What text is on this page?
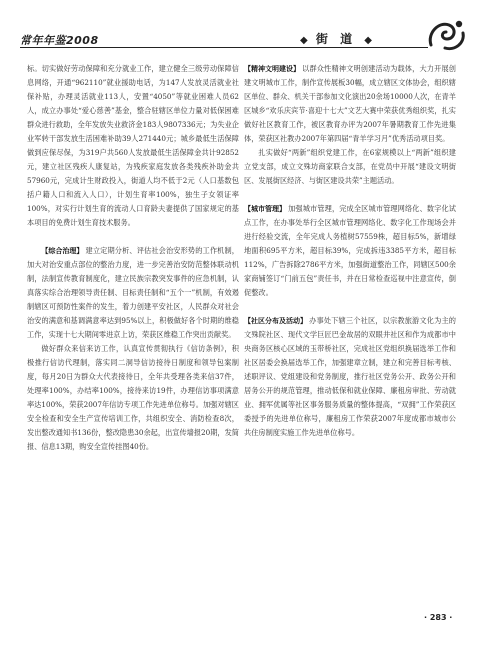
常年年鉴2008	◆ 街 道 ◆

标。切实做好劳动保障和充分就业工作，建立健全三级劳动保障信息网络，开通“962110”就业援助电话，为147人发放灵活就业社保补贴，办理灵活就业113人，安置“4050”等就业困难人员62人，成立办事处“爱心慈善”基金，整合驻辖区单位力量对低保困难群众进行救助，全年发放失业救济金183人9807336元；为失业企业军转干部发放生活困难补助39人271440元；城乡最低生活保障做到应保尽保，为319户共560人发放最低生活保障金共计92852元，建立社区残疾人康复站，为残疾家庭发放各类残疾补助金共57960元，完成计生财政投入，街道人均不低于2元（人口基数包括户籍人口和流入人口），计划生育率100%，独生子女领证率100%，对实行计划生育的流动人口育龄夫妻提供了国家规定的基本项目的免费计划生育技术服务。

【综合治理】 建立定期分析、评估社会治安形势的工作机制，加大对治安重点部位的整治力度，进一步完善治安防范整体联动机制，法制宣传教育制度化，建立民族宗教突发事件的应急机制，认真落实综合治理领导责任制、目标责任制和“五个一”机制，有效遏制辖区可预防性案件的发生，着力创建平安社区，人民群众对社会治安的满意和基调满意率达到95%以上，积极做好各个时期的维稳工作，实现十七大期间零进京上访，荣获区维稳工作突出贡献奖。

做好群众来信来访工作，认真宣传贯彻执行《信访条例》，积极推行信访代理制，落实同二洞导信访接待日制度和领导包案制度，每月20日为群众大代表接待日，全年共受理各类来信37件，处理率100%，办结率100%，接待来访19件，办理信访事项满意率达100%，荣获2007年信访专项工作先进单位称号。加强对辖区安全检查和安全生产宣传培训工作，共组织安全、消防检查8次，发出整改通知书136份，整改隐患30余起，出宣传墙报20期，发简报、信息13期，购安全宣传挂图40份。

【精神文明建设】 以群众性精神文明创建活动为载体，大力开展创建文明城市工作，制作宣传展板30幅，成立辖区文体协会，组织辖区单位、群众、机关干部参加文化演出20余场10000人次，在青羊区城乡“欢乐庆宾节·喜迎十七大”文艺大赛中荣获优秀组织奖，扎实做好社区教育工作，被区教育办评为2007年暑期教育工作先进集体，荣获区社教办2007年第四届“青羊学习月”优秀活动项目奖。

扎实做好“两新”组织党建工作，在6家规模以上“两新”组织建立党支部，成立文殊坊商家联合支部，在党员中开展“建设文明街区、发展街区经济、与街区建设共荣”主题活动。

【城市管理】 加强城市管理，完成全区城市管理网络化、数字化试点工作，在办事处举行全区城市管理网络化、数字化工作现场会并进行经验交流，全年完成人务植树57559株，超目标5%，新增绿地面积695平方米，超目标39%，完成拆违3385平方米，超目标112%，广告拆除2786平方米，加强街道整治工作，同辖区500余家商铺签订“门前五包”责任书，并在日常检查巡视中注意宣传，倒促整改。

【社区分布及活动】 办事处下辖三个社区，以宗教旅游文化为主的文殊院社区、现代文学巨匠巴金故居的双眼井社区和作为成都市中央商务区核心区域的玉带桥社区，完成社区党组织换届选举工作和社区居委会换届选举工作，加强建章立制，建立和完善目标考核、述职评议、党组建设和党务制度，推行社区党务公开、政务公开和居务公开的规范管理，推动低保和就业保障、廉租房审批、劳动就业、拥军优属等社区事务服务质量的整体提高，“双拥”工作荣获区委授予的先进单位称号，廉租房工作荣获2007年度成都市城市公共住房制度实施工作先进单位称号。

· 283 ·
